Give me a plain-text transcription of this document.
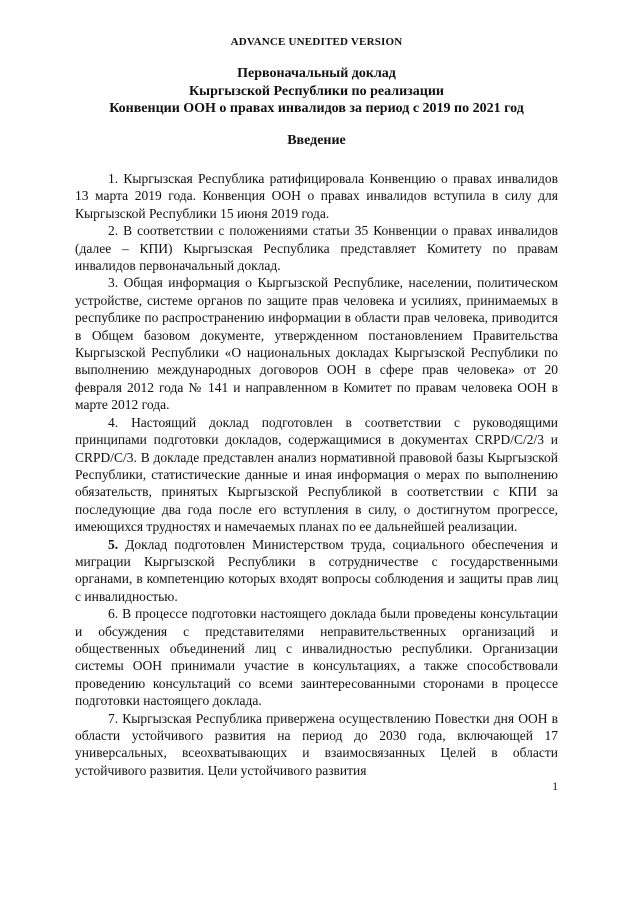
ADVANCE UNEDITED VERSION
Первоначальный доклад
Кыргызской Республики по реализации
Конвенции ООН о правах инвалидов за период с 2019 по 2021 год
Введение

1. Кыргызская Республика ратифицировала Конвенцию о правах инвалидов 13 марта 2019 года. Конвенция ООН о правах инвалидов вступила в силу для Кыргызской Республики 15 июня 2019 года.

2. В соответствии с положениями статьи 35 Конвенции о правах инвалидов (далее – КПИ) Кыргызская Республика представляет Комитету по правам инвалидов первоначальный доклад.

3. Общая информация о Кыргызской Республике, населении, политическом устройстве, системе органов по защите прав человека и усилиях, принимаемых в республике по распространению информации в области прав человека, приводится в Общем базовом документе, утвержденном постановлением Правительства Кыргызской Республики «О национальных докладах Кыргызской Республики по выполнению международных договоров ООН в сфере прав человека» от 20 февраля 2012 года № 141 и направленном в Комитет по правам человека ООН в марте 2012 года.

4. Настоящий доклад подготовлен в соответствии с руководящими принципами подготовки докладов, содержащимися в документах CRPD/C/2/3 и CRPD/C/3. В докладе представлен анализ нормативной правовой базы Кыргызской Республики, статистические данные и иная информация о мерах по выполнению обязательств, принятых Кыргызской Республикой в соответствии с КПИ за последующие два года после его вступления в силу, о достигнутом прогрессе, имеющихся трудностях и намечаемых планах по ее дальнейшей реализации.

5. Доклад подготовлен Министерством труда, социального обеспечения и миграции Кыргызской Республики в сотрудничестве с государственными органами, в компетенцию которых входят вопросы соблюдения и защиты прав лиц с инвалидностью.

6. В процессе подготовки настоящего доклада были проведены консультации и обсуждения с представителями неправительственных организаций и общественных объединений лиц с инвалидностью республики. Организации системы ООН принимали участие в консультациях, а также способствовали проведению консультаций со всеми заинтересованными сторонами в процессе подготовки настоящего доклада.

7. Кыргызская Республика привержена осуществлению Повестки дня ООН в области устойчивого развития на период до 2030 года, включающей 17 универсальных, всеохватывающих и взаимосвязанных Целей в области устойчивого развития. Цели устойчивого развития

1
